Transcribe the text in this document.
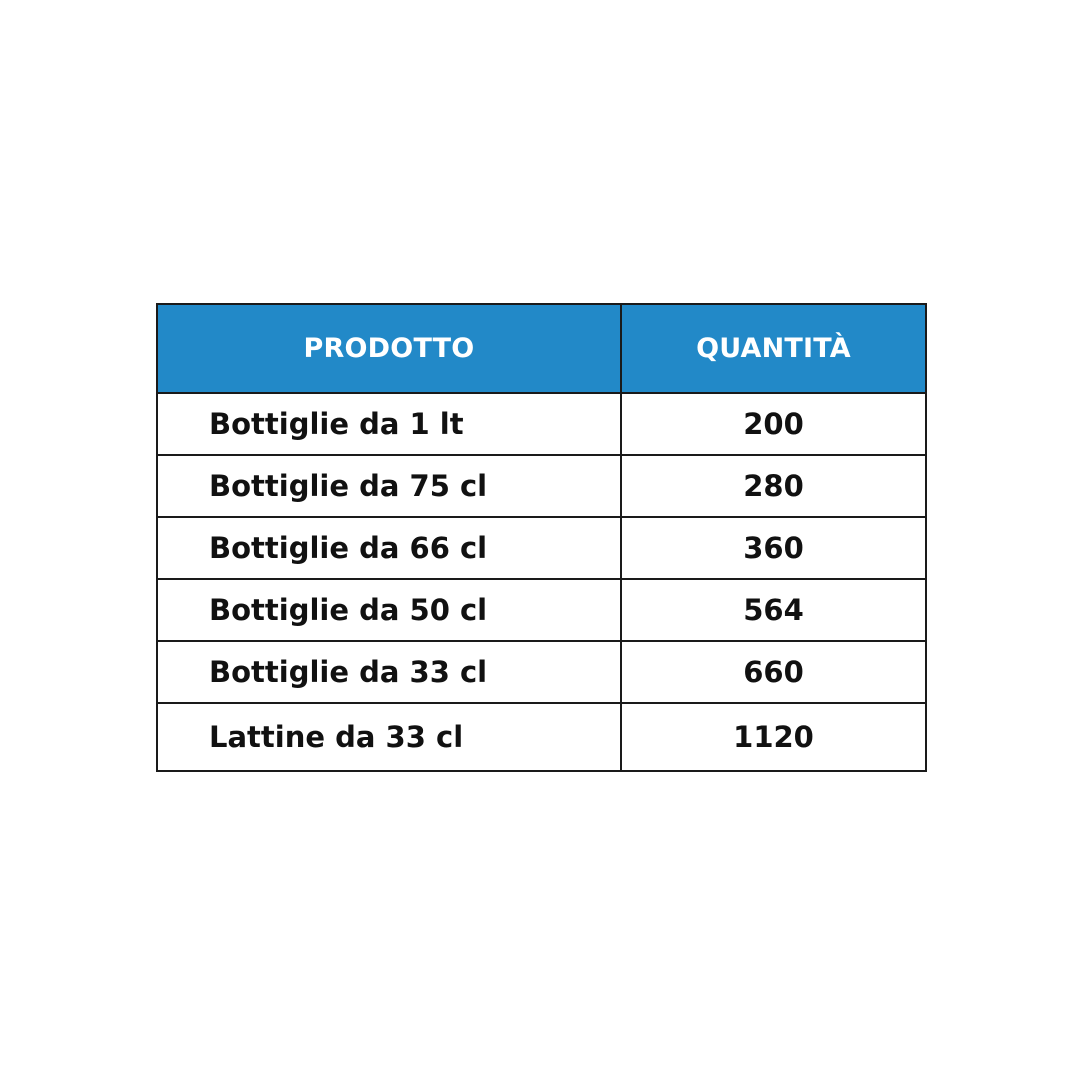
PRODOTTO	QUANTITÀ
Bottiglie da 1 lt	200
Bottiglie da 75 cl	280
Bottiglie da 66 cl	360
Bottiglie da 50 cl	564
Bottiglie da 33 cl	660
Lattine da 33 cl	1120
